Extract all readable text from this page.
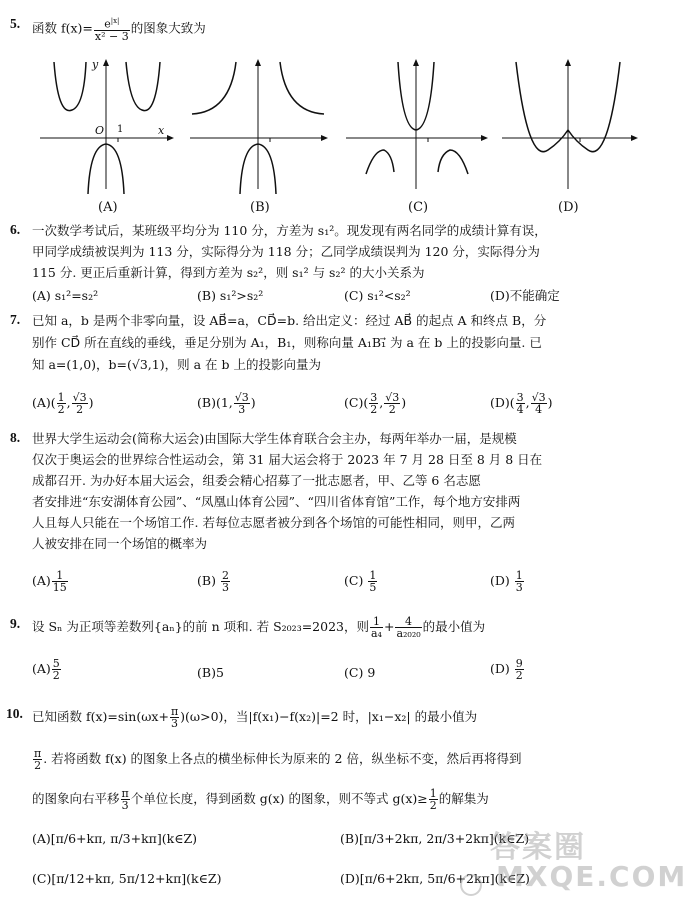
5. 函数 $f(x)= \frac{e^{|x|}}{\text{x² − 3}}$ 的图象大致为
y
x
O 1
(A)	(B)	(C)	(D)
6. 一次数学考试后，某班级平均分为 110 分，方差为 s₁²。现发现有两名同学的成绩计算有误，
甲同学成绩被误判为 113 分，实际得分为 118 分；乙同学成绩误判为 120 分，实际得分为
115 分. 更正后重新计算，得到方差为 s₂²，则 s₁² 与 s₂² 的大小关系为
(A) s₁²=s₂²	(B) s₁²>s₂²	(C) s₁²<s₂²	(D)不能确定
7. 已知 a，b 是两个非零向量，设 AB⃗=a，CD⃗=b. 给出定义：经过 AB⃗ 的起点 A 和终点 B，分
别作 CD⃗ 所在直线的垂线，垂足分别为 A₁，B₁，则称向量 A₁B₁⃗ 为 a 在 b 上的投影向量. 已
知 a=(1,0)，b=(√3,1)，则 a 在 b 上的投影向量为
$(A)( \frac{1}{2}$ , $\frac{√3}{2}$ )	(B)(1, $\frac{√3}{3}$ )	$(C)( \frac{3}{2}$ , $\frac{√3}{2}$ )	$(D)( \frac{3}{4}$ , $\frac{√3}{4}$ )
8. 世界大学生运动会(简称大运会)由国际大学生体育联合会主办，每两年举办一届，是规模
仅次于奥运会的世界综合性运动会，第 31 届大运会将于 2023 年 7 月 28 日至 8 月 8 日在
成都召开. 为办好本届大运会，组委会精心招募了一批志愿者，甲、乙等 6 名志愿
者安排进“东安湖体育公园”、“凤凰山体育公园”、“四川省体育馆”工作，每个地方安排两
人且每人只能在一个场馆工作. 若每位志愿者被分到各个场馆的可能性相同，则甲，乙两
人被安排在同一个场馆的概率为
$(A) \frac{1}{15}$	$(B) \frac{2}{3}$	$(C) \frac{1}{5}$	$(D) \frac{1}{3}$
9. 设 Sₙ 为正项等差数列{aₙ}的前 n 项和. 若 S₂₀₂₃=2023，则 $\frac{1}{\text{a₄}} + \frac{4}{\text{a₂₀₂₀}}$ 的最小值为
$(A) \frac{5}{2}$	(B)5	(C) 9	$(D) \frac{9}{2}$
10. 已知函数 $f(x)=\sin(\omega x+ \frac{\pi}{3} )(\omega>0)$，当|f(x₁)−f(x₂)|=2 时，|x₁−x₂| 的最小值为
$\frac{\pi}{2}$ . 若将函数 f(x) 的图象上各点的横坐标伸长为原来的 2 倍，纵坐标不变，然后再将得到
的图象向右平移 $\frac{\pi}{3}$ 个单位长度，得到函数 g(x) 的图象，则不等式 $g(x)\ge \frac{1}{2}$ 的解集为
(A)[π/6+kπ, π/3+kπ](k∈Z)	(B)[π/3+2kπ, 2π/3+2kπ](k∈Z)
(C)[π/12+kπ, 5π/12+kπ](k∈Z)	(D)[π/6+2kπ, 5π/6+2kπ](k∈Z)
答案圈
MXQE.COM
